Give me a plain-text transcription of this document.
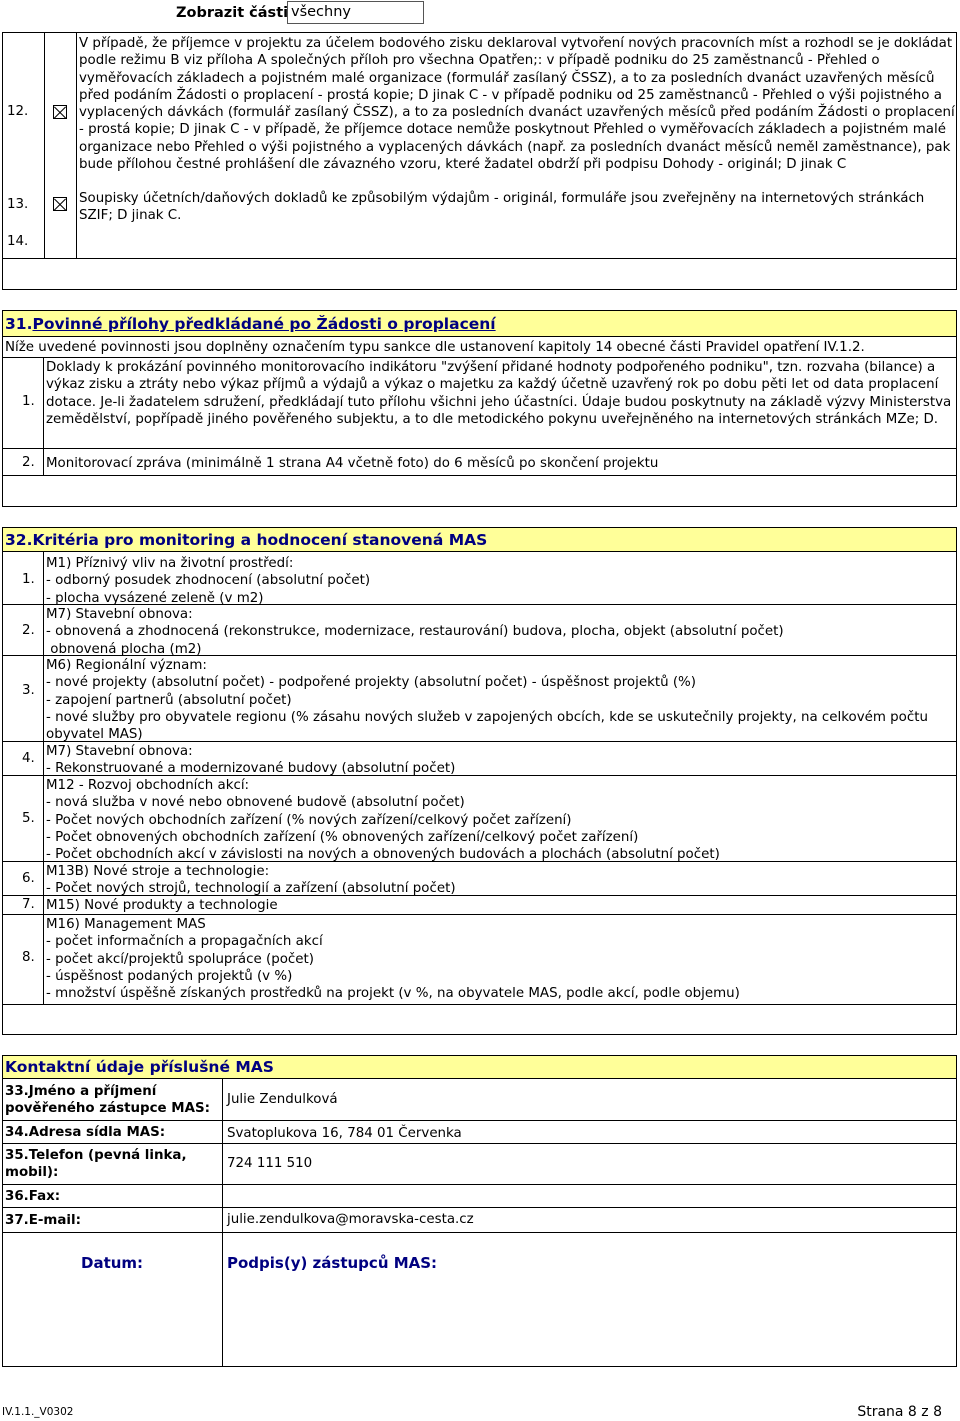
Zobrazit části všechny
12.
V případě, že příjemce v projektu za účelem bodového zisku deklaroval vytvoření nových pracovních míst a rozhodl se je dokládat podle režimu B viz příloha A společných příloh pro všechna Opatřen;: v případě podniku do 25 zaměstnanců - Přehled o vyměřovacích základech a pojistném malé organizace (formulář zasílaný ČSSZ), a to za posledních dvanáct uzavřených měsíců před podáním Žádosti o proplacení - prostá kopie; D jinak C - v případě podniku od 25 zaměstnanců - Přehled o výši pojistného a vyplacených dávkách (formulář zasílaný ČSSZ), a to za posledních dvanáct uzavřených měsíců před podáním Žádosti o proplacení - prostá kopie; D jinak C - v případě, že příjemce dotace nemůže poskytnout Přehled o vyměřovacích základech a pojistném malé organizace nebo Přehled o výši pojistného a vyplacených dávkách (např. za posledních dvanáct měsíců neměl zaměstnance), pak bude přílohou čestné prohlášení dle závazného vzoru, které žadatel obdrží při podpisu Dohody - originál; D jinak C
13.	Soupisky účetních/daňových dokladů ke způsobilým výdajům - originál, formuláře jsou zveřejněny na internetových stránkách SZIF; D jinak C.
14.
31.Povinné přílohy předkládané po Žádosti o proplacení
Níže uvedené povinnosti jsou doplněny označením typu sankce dle ustanovení kapitoly 14 obecné části Pravidel opatření IV.1.2.
1.
Doklady k prokázání povinného monitorovacího indikátoru "zvýšení přidané hodnoty podpořeného podniku", tzn. rozvaha (bilance) a výkaz zisku a ztráty nebo výkaz příjmů a výdajů a výkaz o majetku za každý účetně uzavřený rok po dobu pěti let od data proplacení dotace. Je-li žadatelem sdružení, předkládají tuto přílohu všichni jeho účastníci. Údaje budou poskytnuty na základě výzvy Ministerstva zemědělství, popřípadě jiného pověřeného subjektu, a to dle metodického pokynu uveřejněného na internetových stránkách MZe; D.
2. Monitorovací zpráva (minimálně 1 strana A4 včetně foto) do 6 měsíců po skončení projektu
32.Kritéria pro monitoring a hodnocení stanovená MAS
1.
M1) Příznivý vliv na životní prostředí:
- odborný posudek zhodnocení (absolutní počet)
- plocha vysázené zeleně (v m2)
2.
M7) Stavební obnova:
- obnovená a zhodnocená (rekonstrukce, modernizace, restaurování) budova, plocha, objekt (absolutní počet)
obnovená plocha (m2)
3.
M6) Regionální význam:
- nové projekty (absolutní počet) - podpořené projekty (absolutní počet) - úspěšnost projektů (%)
- zapojení partnerů (absolutní počet)
- nové služby pro obyvatele regionu (% zásahu nových služeb v zapojených obcích, kde se uskutečnily projekty, na celkovém počtu obyvatel MAS)
4. M7) Stavební obnova:
- Rekonstruované a modernizované budovy (absolutní počet)
5.
M12 - Rozvoj obchodních akcí:
- nová služba v nové nebo obnovené budově (absolutní počet)
- Počet nových obchodních zařízení (% nových zařízení/celkový počet zařízení)
- Počet obnovených obchodních zařízení (% obnovených zařízení/celkový počet zařízení)
- Počet obchodních akcí v závislosti na nových a obnovených budovách a plochách (absolutní počet)
6. M13B) Nové stroje a technologie:
- Počet nových strojů, technologií a zařízení (absolutní počet)
7. M15) Nové produkty a technologie
8.
M16) Management MAS
- počet informačních a propagačních akcí
- počet akcí/projektů spolupráce (počet)
- úspěšnost podaných projektů (v %)
- množství úspěšně získaných prostředků na projekt (v %, na obyvatele MAS, podle akcí, podle objemu)
Kontaktní údaje příslušné MAS
33.Jméno a příjmení pověřeného zástupce MAS:
Julie Zendulková
34.Adresa sídla MAS:	Svatoplukova 16, 784 01 Červenka
35.Telefon (pevná linka, mobil):
724 111 510
36.Fax:
37.E-mail:	julie.zendulkova@moravska-cesta.cz
Datum:	Podpis(y) zástupců MAS:
IV.1.1._V0302	Strana 8 z 8
